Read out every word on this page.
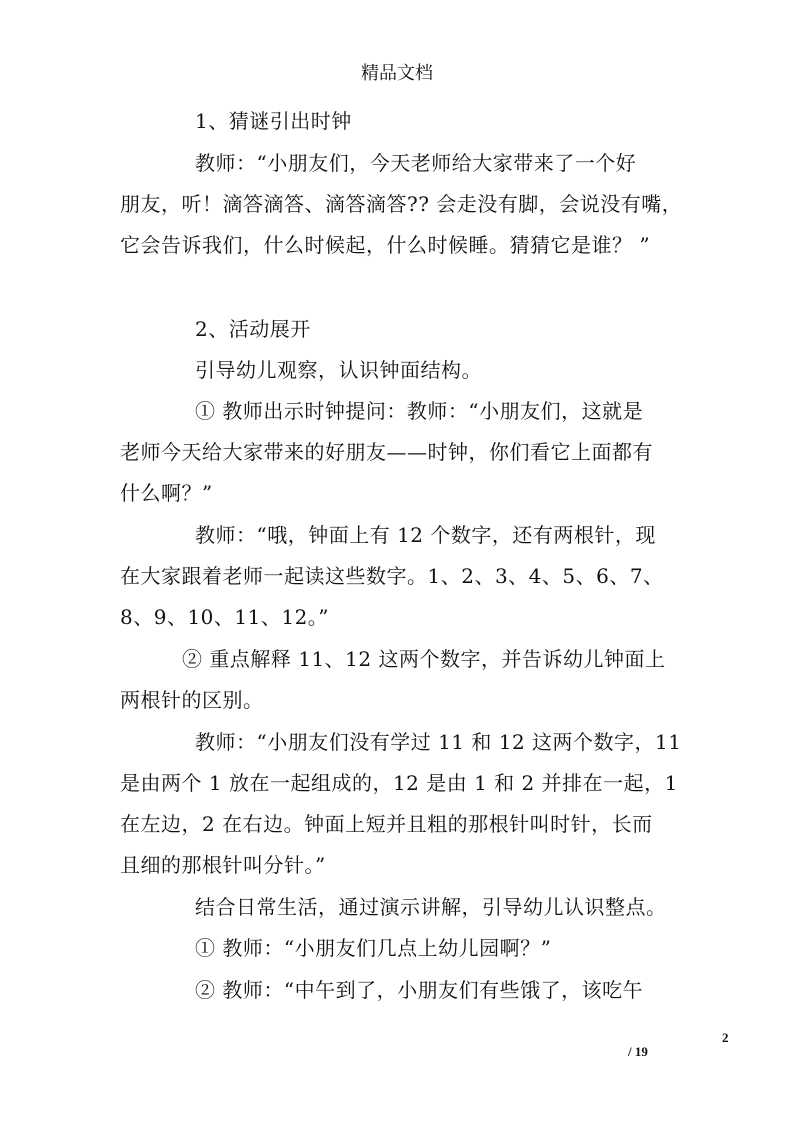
精品文档
1、猜谜引出时钟
教师：“小朋友们，今天老师给大家带来了一个好
朋友，听！滴答滴答、滴答滴答?? 会走没有脚，会说没有嘴，
它会告诉我们，什么时候起，什么时候睡。猜猜它是谁？ ”
2、活动展开
引导幼儿观察，认识钟面结构。
① 教师出示时钟提问：教师：“小朋友们，这就是
老师今天给大家带来的好朋友——时钟，你们看它上面都有
什么啊？”
教师：“哦，钟面上有 12 个数字，还有两根针，现
在大家跟着老师一起读这些数字。1、2、3、4、5、6、7、
8、9、10、11、12。”
② 重点解释 11、12 这两个数字，并告诉幼儿钟面上
两根针的区别。
教师：“小朋友们没有学过 11 和 12 这两个数字，11
是由两个 1 放在一起组成的，12 是由 1 和 2 并排在一起，1
在左边，2 在右边。钟面上短并且粗的那根针叫时针，长而
且细的那根针叫分针。”
结合日常生活，通过演示讲解，引导幼儿认识整点。
① 教师：“小朋友们几点上幼儿园啊？”
② 教师：“中午到了，小朋友们有些饿了，该吃午
2
/ 19
